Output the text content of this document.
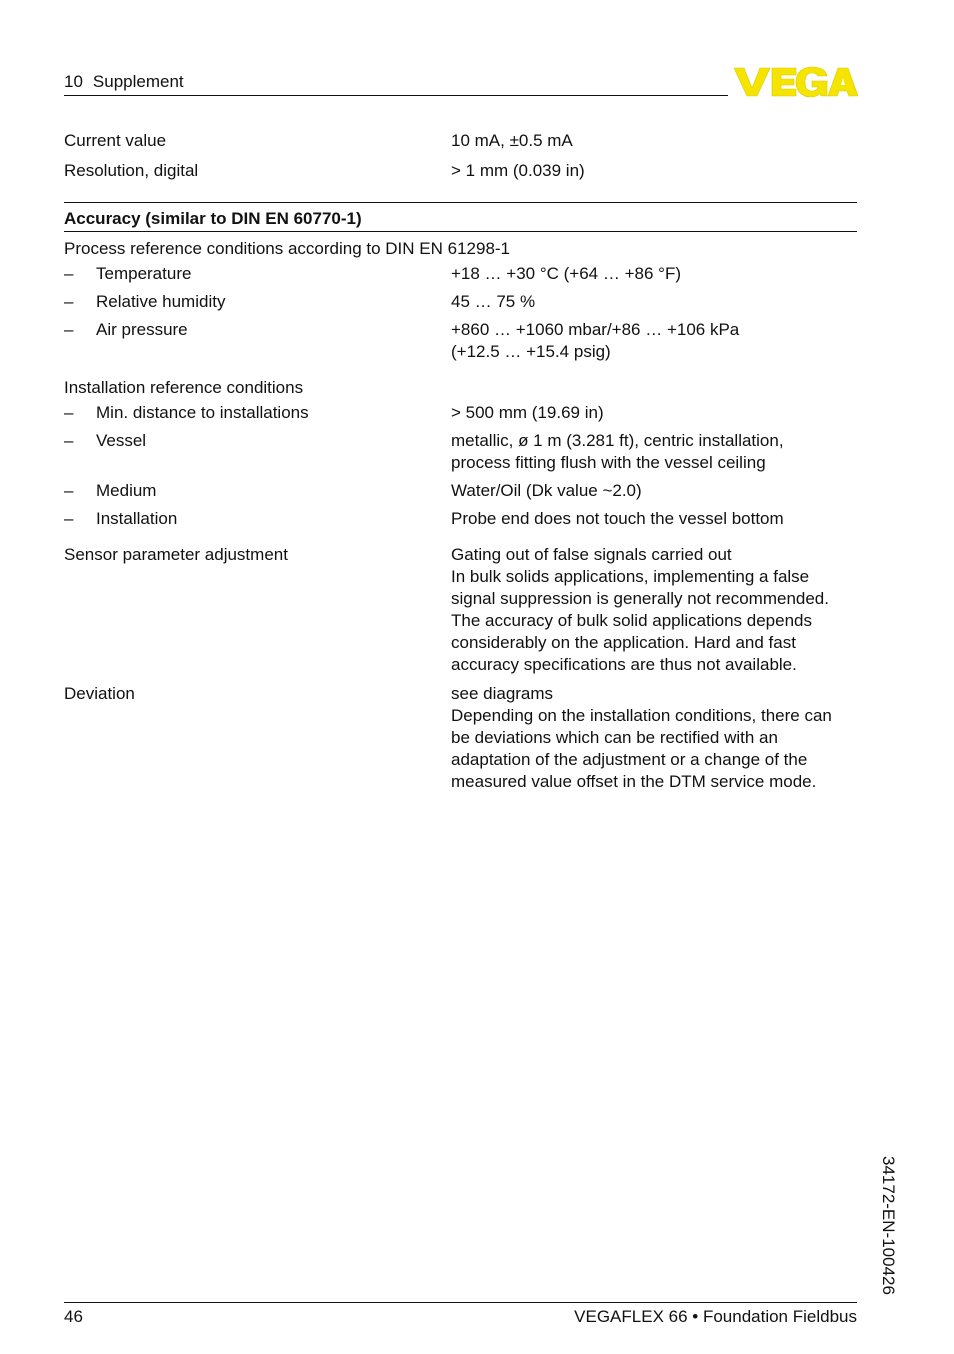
10 Supplement
Current value	10 mA, ±0.5 mA
Resolution, digital	> 1 mm (0.039 in)
Accuracy (similar to DIN EN 60770-1)
Process reference conditions according to DIN EN 61298-1
– Temperature	+18 … +30 °C (+64 … +86 °F)
– Relative humidity	45 … 75 %
– Air pressure	+860 … +1060 mbar/+86 … +106 kPa
(+12.5 … +15.4 psig)
Installation reference conditions
– Min. distance to installations	> 500 mm (19.69 in)
– Vessel	metallic, ø 1 m (3.281 ft), centric installation,
process fitting flush with the vessel ceiling
– Medium	Water/Oil (Dk value ~2.0)
– Installation	Probe end does not touch the vessel bottom
Sensor parameter adjustment	Gating out of false signals carried out
In bulk solids applications, implementing a false
signal suppression is generally not recommended.
The accuracy of bulk solid applications depends
considerably on the application. Hard and fast
accuracy specifications are thus not available.
Deviation	see diagrams
Depending on the installation conditions, there can
be deviations which can be rectified with an
adaptation of the adjustment or a change of the
measured value offset in the DTM service mode.
34172-EN-100426
46	VEGAFLEX 66 • Foundation Fieldbus
